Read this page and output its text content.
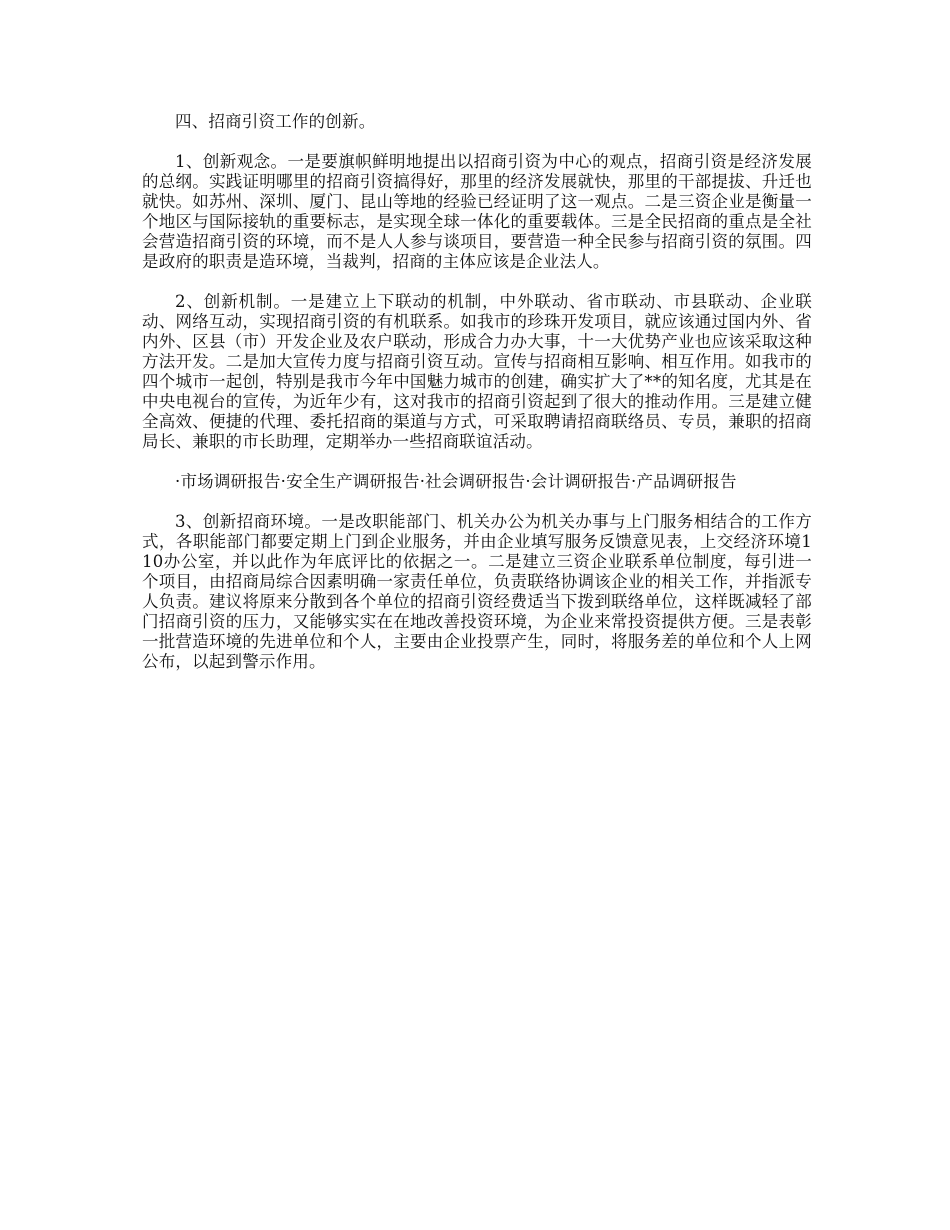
四、招商引资工作的创新。

1、创新观念。一是要旗帜鲜明地提出以招商引资为中心的观点，招商引资是经济发展的总纲。实践证明哪里的招商引资搞得好，那里的经济发展就快，那里的干部提拔、升迁也就快。如苏州、深圳、厦门、昆山等地的经验已经证明了这一观点。二是三资企业是衡量一个地区与国际接轨的重要标志，是实现全球一体化的重要载体。三是全民招商的重点是全社会营造招商引资的环境，而不是人人参与谈项目，要营造一种全民参与招商引资的氛围。四是政府的职责是造环境，当裁判，招商的主体应该是企业法人。

2、创新机制。一是建立上下联动的机制，中外联动、省市联动、市县联动、企业联动、网络互动，实现招商引资的有机联系。如我市的珍珠开发项目，就应该通过国内外、省内外、区县（市）开发企业及农户联动，形成合力办大事，十一大优势产业也应该采取这种方法开发。二是加大宣传力度与招商引资互动。宣传与招商相互影响、相互作用。如我市的四个城市一起创，特别是我市今年中国魅力城市的创建，确实扩大了**的知名度，尤其是在中央电视台的宣传，为近年少有，这对我市的招商引资起到了很大的推动作用。三是建立健全高效、便捷的代理、委托招商的渠道与方式，可采取聘请招商联络员、专员，兼职的招商局长、兼职的市长助理，定期举办一些招商联谊活动。

·市场调研报告·安全生产调研报告·社会调研报告·会计调研报告·产品调研报告

3、创新招商环境。一是改职能部门、机关办公为机关办事与上门服务相结合的工作方式，各职能部门都要定期上门到企业服务，并由企业填写服务反馈意见表，上交经济环境110办公室，并以此作为年底评比的依据之一。二是建立三资企业联系单位制度，每引进一个项目，由招商局综合因素明确一家责任单位，负责联络协调该企业的相关工作，并指派专人负责。建议将原来分散到各个单位的招商引资经费适当下拨到联络单位，这样既减轻了部门招商引资的压力，又能够实实在在地改善投资环境，为企业来常投资提供方便。三是表彰一批营造环境的先进单位和个人，主要由企业投票产生，同时，将服务差的单位和个人上网公布，以起到警示作用。
